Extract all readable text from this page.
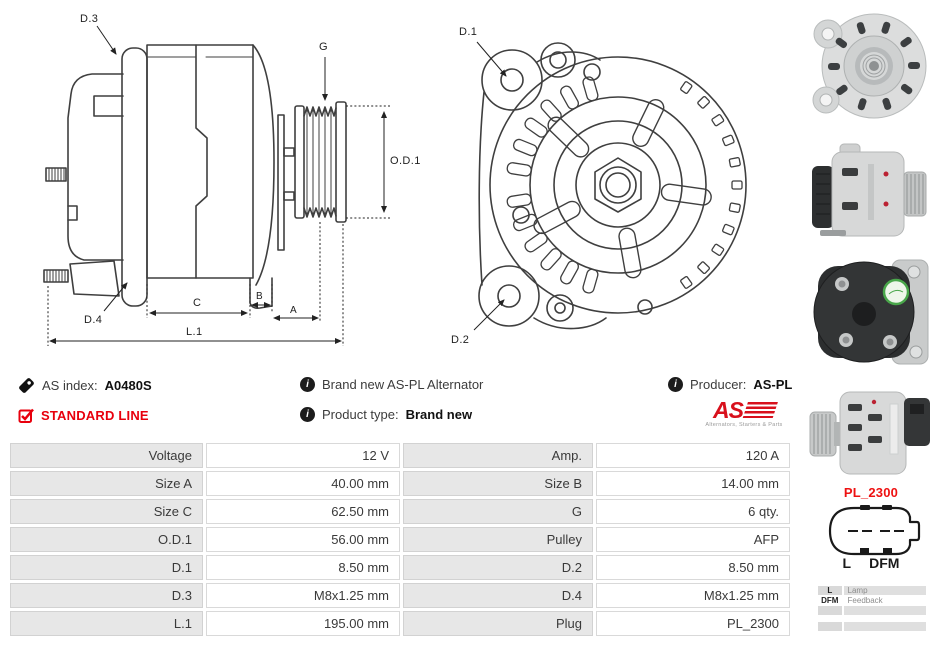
D.3
G
O.D.1
D.4
C
B
A
L.1
D.1
D.2
AS index: A0480S	i	Brand new AS-PL Alternator	i	Producer: AS-PL
STANDARD LINE	i	Product type: Brand new	AS
Alternators, Starters & Parts
Voltage	12 V	Amp.	120 A
Size A	40.00 mm	Size B	14.00 mm
Size C	62.50 mm	G	6 qty.
O.D.1	56.00 mm	Pulley	AFP
D.1	8.50 mm	D.2	8.50 mm
D.3	M8x1.25 mm	D.4	M8x1.25 mm
L.1	195.00 mm	Plug	PL_2300
PL_2300
L DFM
L	Lamp
DFM	Feedback
